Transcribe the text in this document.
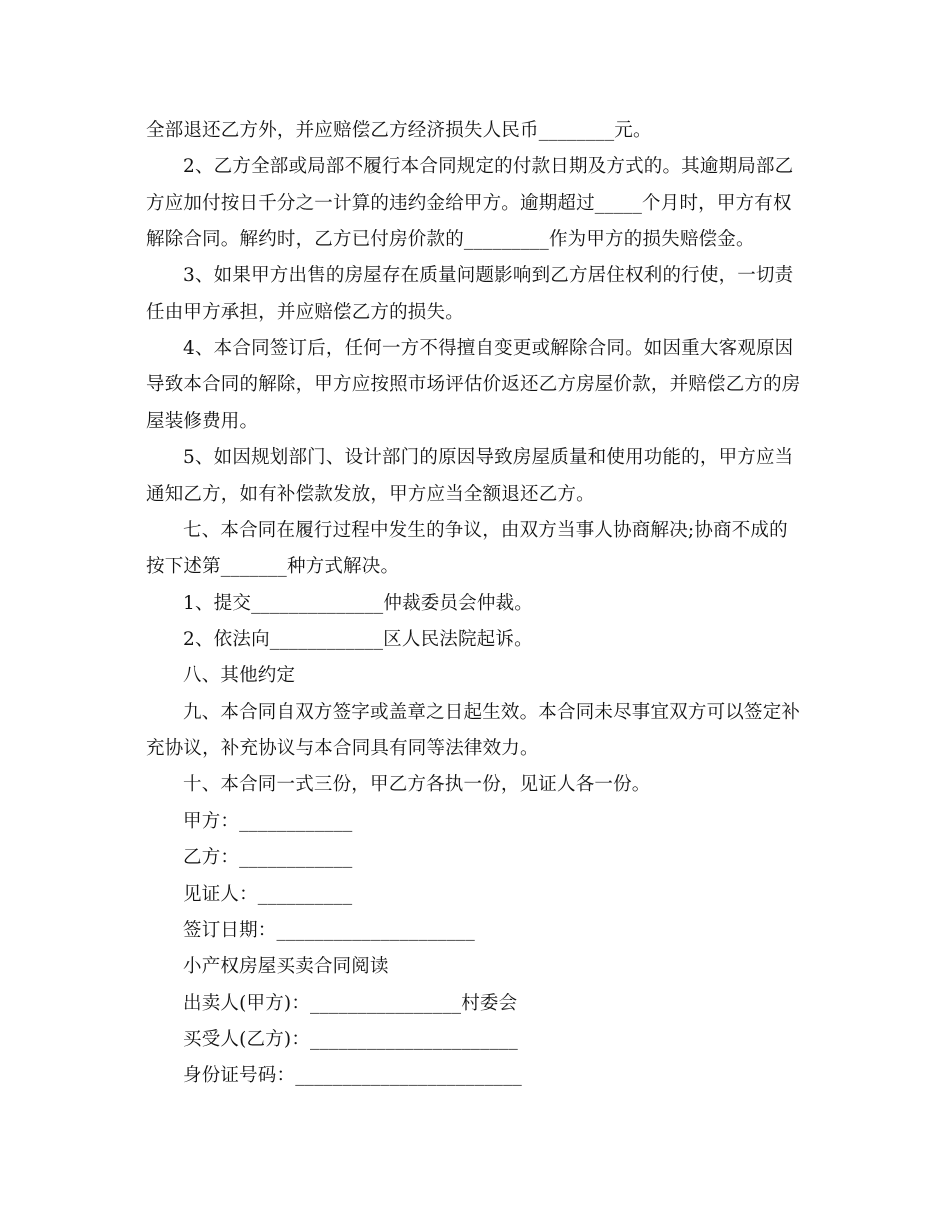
全部退还乙方外，并应赔偿乙方经济损失人民币________元。
2、乙方全部或局部不履行本合同规定的付款日期及方式的。其逾期局部乙
方应加付按日千分之一计算的违约金给甲方。逾期超过_____个月时，甲方有权
解除合同。解约时，乙方已付房价款的_________作为甲方的损失赔偿金。
3、如果甲方出售的房屋存在质量问题影响到乙方居住权利的行使，一切责
任由甲方承担，并应赔偿乙方的损失。
4、本合同签订后，任何一方不得擅自变更或解除合同。如因重大客观原因
导致本合同的解除，甲方应按照市场评估价返还乙方房屋价款，并赔偿乙方的房
屋装修费用。
5、如因规划部门、设计部门的原因导致房屋质量和使用功能的，甲方应当
通知乙方，如有补偿款发放，甲方应当全额退还乙方。
七、本合同在履行过程中发生的争议，由双方当事人协商解决;协商不成的
按下述第_______种方式解决。
1、提交______________仲裁委员会仲裁。
2、依法向____________区人民法院起诉。
八、其他约定
九、本合同自双方签字或盖章之日起生效。本合同未尽事宜双方可以签定补
充协议，补充协议与本合同具有同等法律效力。
十、本合同一式三份，甲乙方各执一份，见证人各一份。
甲方：____________
乙方：____________
见证人：__________
签订日期：_____________________
小产权房屋买卖合同阅读
出卖人(甲方)：________________村委会
买受人(乙方)：______________________
身份证号码：________________________
